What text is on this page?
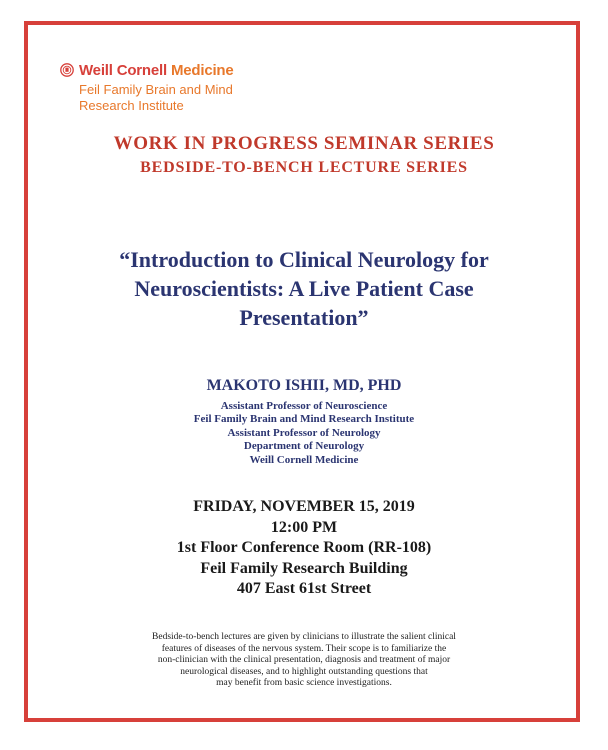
Weill Cornell Medicine
Feil Family Brain and Mind
Research Institute
WORK IN PROGRESS SEMINAR SERIES
BEDSIDE-TO-BENCH LECTURE SERIES
“Introduction to Clinical Neurology for
Neuroscientists: A Live Patient Case
Presentation”
MAKOTO ISHII, MD, PHD
Assistant Professor of Neuroscience
Feil Family Brain and Mind Research Institute
Assistant Professor of Neurology
Department of Neurology
Weill Cornell Medicine
FRIDAY, NOVEMBER 15, 2019
12:00 PM
1st Floor Conference Room (RR-108)
Feil Family Research Building
407 East 61st Street
Bedside-to-bench lectures are given by clinicians to illustrate the salient clinical
features of diseases of the nervous system. Their scope is to familiarize the
non-clinician with the clinical presentation, diagnosis and treatment of major
neurological diseases, and to highlight outstanding questions that
may benefit from basic science investigations.
